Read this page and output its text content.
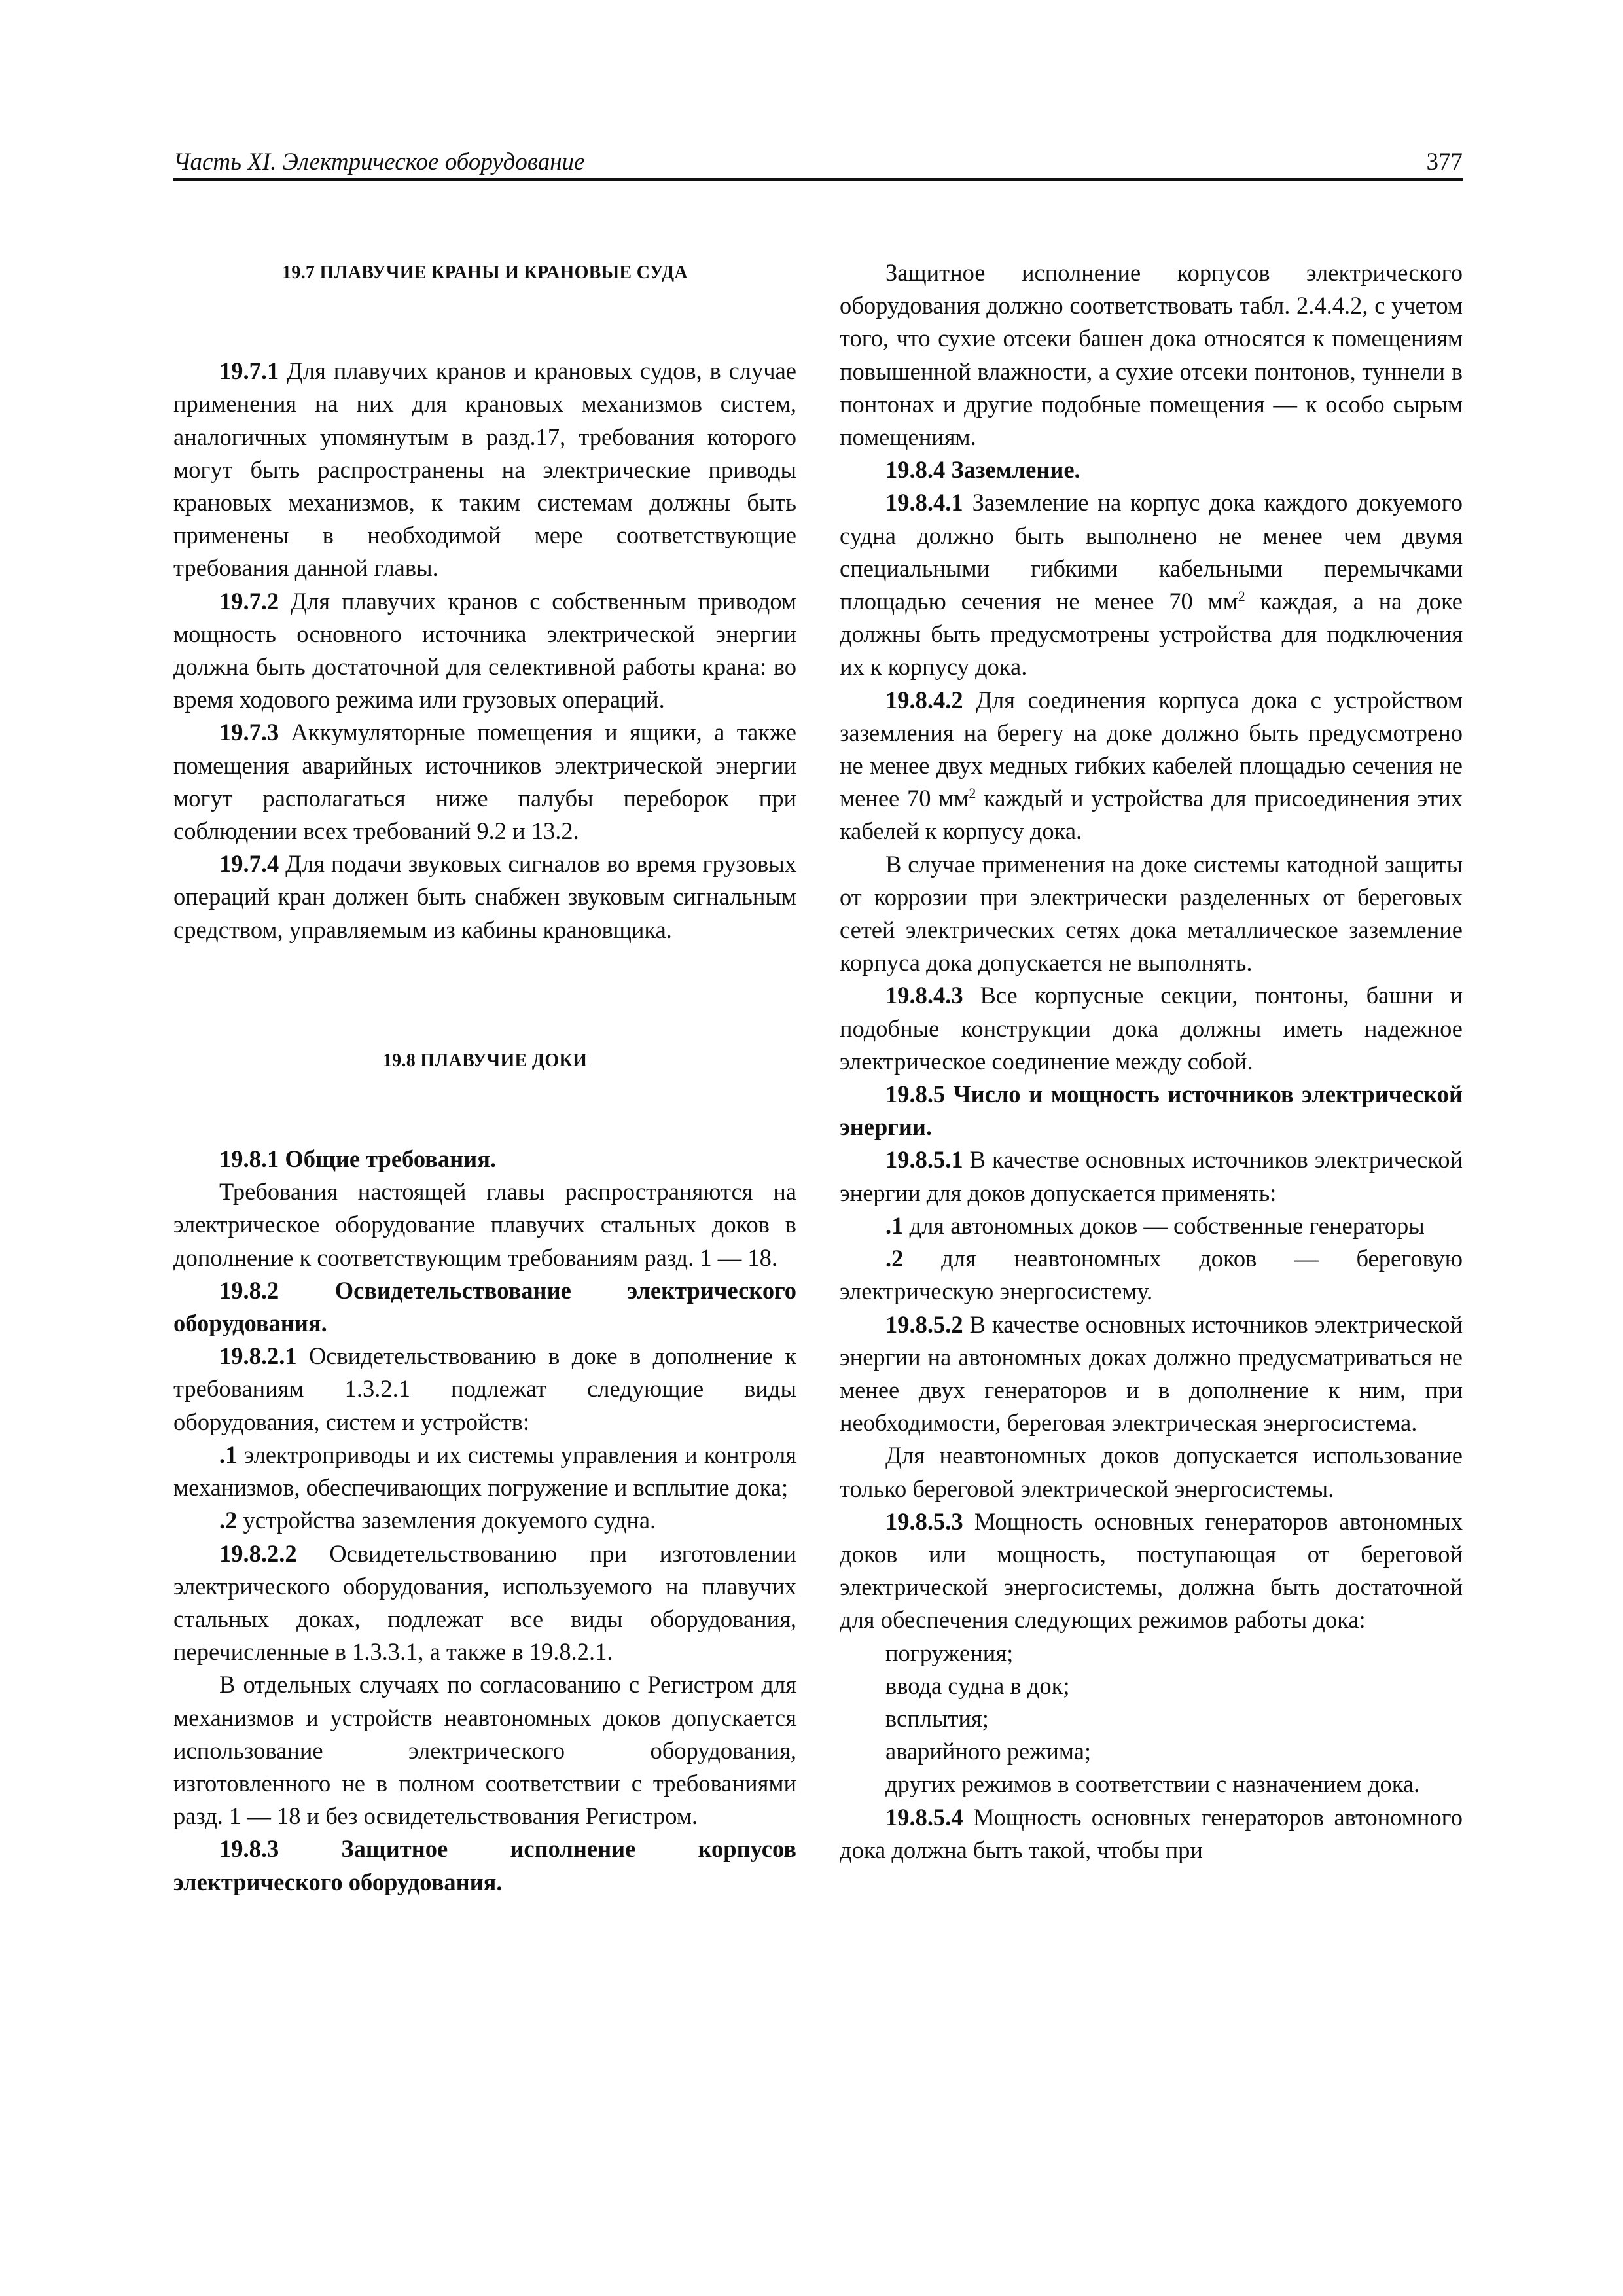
Часть XI. Электрическое оборудование	377

19.7 ПЛАВУЧИЕ КРАНЫ И КРАНОВЫЕ СУДА

19.7.1 Для плавучих кранов и крановых судов, в случае применения на них для крановых механизмов систем, аналогичных упомянутым в разд.17, требования которого могут быть распространены на электрические приводы крановых механизмов, к таким системам должны быть применены в необходимой мере соответствующие требования данной главы.

19.7.2 Для плавучих кранов с собственным приводом мощность основного источника электрической энергии должна быть достаточной для селективной работы крана: во время ходового режима или грузовых операций.

19.7.3 Аккумуляторные помещения и ящики, а также помещения аварийных источников электрической энергии могут располагаться ниже палубы переборок при соблюдении всех требований 9.2 и 13.2.

19.7.4 Для подачи звуковых сигналов во время грузовых операций кран должен быть снабжен звуковым сигнальным средством, управляемым из кабины крановщика.

19.8 ПЛАВУЧИЕ ДОКИ

19.8.1 Общие требования.

Требования настоящей главы распространяются на электрическое оборудование плавучих стальных доков в дополнение к соответствующим требованиям разд. 1 — 18.

19.8.2 Освидетельствование электрического оборудования.

19.8.2.1 Освидетельствованию в доке в дополнение к требованиям 1.3.2.1 подлежат следующие виды оборудования, систем и устройств:

.1 электроприводы и их системы управления и контроля механизмов, обеспечивающих погружение и всплытие дока;

.2 устройства заземления докуемого судна.

19.8.2.2 Освидетельствованию при изготовлении электрического оборудования, используемого на плавучих стальных доках, подлежат все виды оборудования, перечисленные в 1.3.3.1, а также в 19.8.2.1.

В отдельных случаях по согласованию с Регистром для механизмов и устройств неавтономных доков допускается использование электрического оборудования, изготовленного не в полном соответствии с требованиями разд. 1 — 18 и без освидетельствования Регистром.

19.8.3 Защитное исполнение корпусов электрического оборудования.

Защитное исполнение корпусов электрического оборудования должно соответствовать табл. 2.4.4.2, с учетом того, что сухие отсеки башен дока относятся к помещениям повышенной влажности, а сухие отсеки понтонов, туннели в понтонах и другие подобные помещения — к особо сырым помещениям.

19.8.4 Заземление.

19.8.4.1 Заземление на корпус дока каждого докуемого судна должно быть выполнено не менее чем двумя специальными гибкими кабельными перемычками площадью сечения не менее 70 $мм^2$ каждая, а на доке должны быть предусмотрены устройства для подключения их к корпусу дока.

19.8.4.2 Для соединения корпуса дока с устройством заземления на берегу на доке должно быть предусмотрено не менее двух медных гибких кабелей площадью сечения не менее 70 $мм^2$ каждый и устройства для присоединения этих кабелей к корпусу дока.

В случае применения на доке системы катодной защиты от коррозии при электрически разделенных от береговых сетей электрических сетях дока металлическое заземление корпуса дока допускается не выполнять.

19.8.4.3 Все корпусные секции, понтоны, башни и подобные конструкции дока должны иметь надежное электрическое соединение между собой.

19.8.5 Число и мощность источников электрической энергии.

19.8.5.1 В качестве основных источников электрической энергии для доков допускается применять:

.1 для автономных доков — собственные генераторы

.2 для неавтономных доков — береговую электрическую энергосистему.

19.8.5.2 В качестве основных источников электрической энергии на автономных доках должно предусматриваться не менее двух генераторов и в дополнение к ним, при необходимости, береговая электрическая энергосистема.

Для неавтономных доков допускается использование только береговой электрической энергосистемы.

19.8.5.3 Мощность основных генераторов автономных доков или мощность, поступающая от береговой электрической энергосистемы, должна быть достаточной для обеспечения следующих режимов работы дока:

погружения;

ввода судна в док;

всплытия;

аварийного режима;

других режимов в соответствии с назначением дока.

19.8.5.4 Мощность основных генераторов автономного дока должна быть такой, чтобы при
